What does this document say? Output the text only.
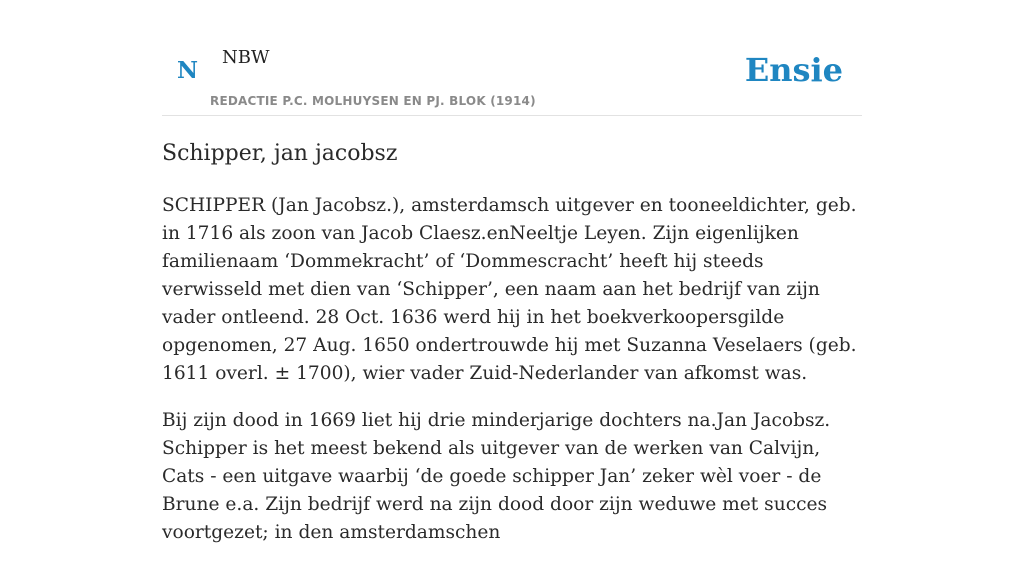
N NBW
REDACTIE P.C. MOLHUYSEN EN PJ. BLOK (1914)
Ensie
Schipper, jan jacobsz

SCHIPPER (Jan Jacobsz.), amsterdamsch uitgever en tooneeldichter, geb. in 1716 als zoon van Jacob Claesz.enNeeltje Leyen. Zijn eigenlijken familienaam ‘Dommekracht’ of ‘Dommescracht’ heeft hij steeds verwisseld met dien van ‘Schipper’, een naam aan het bedrijf van zijn vader ontleend. 28 Oct. 1636 werd hij in het boekverkoopersgilde opgenomen, 27 Aug. 1650 ondertrouwde hij met Suzanna Veselaers (geb. 1611 overl. ± 1700), wier vader Zuid-Nederlander van afkomst was.

Bij zijn dood in 1669 liet hij drie minderjarige dochters na.Jan Jacobsz. Schipper is het meest bekend als uitgever van de werken van Calvijn, Cats - een uitgave waarbij ‘de goede schipper Jan’ zeker wèl voer - de Brune e.a. Zijn bedrijf werd na zijn dood door zijn weduwe met succes voortgezet; in den amsterdamschen
